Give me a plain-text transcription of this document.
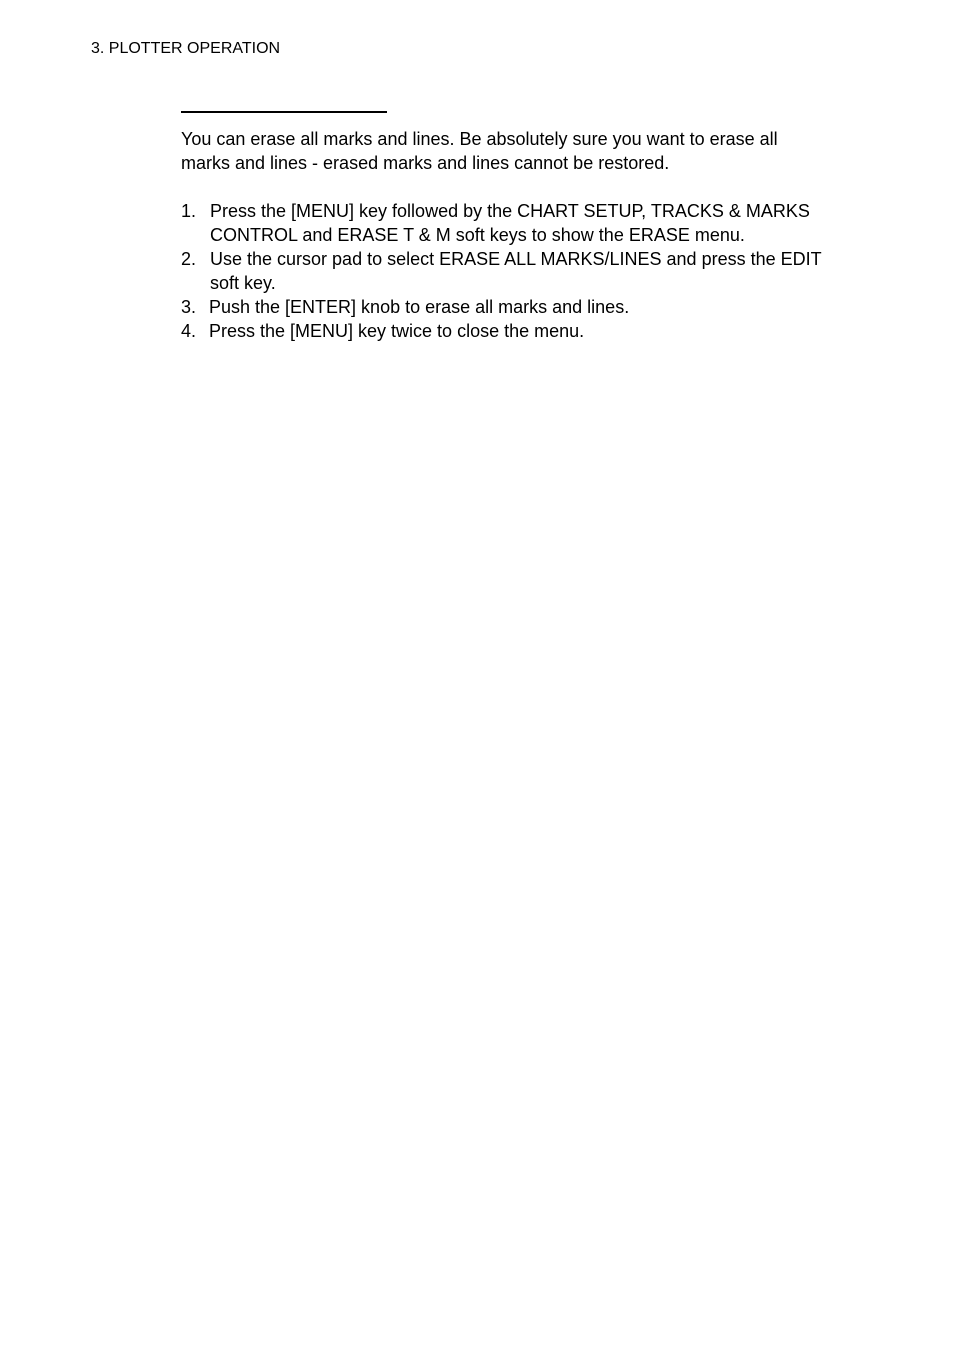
3. PLOTTER OPERATION

You can erase all marks and lines. Be absolutely sure you want to erase all

marks and lines - erased marks and lines cannot be restored.

1. Press the [MENU] key followed by the CHART SETUP, TRACKS & MARKS
CONTROL and ERASE T & M soft keys to show the ERASE menu.
2. Use the cursor pad to select ERASE ALL MARKS/LINES and press the EDIT
soft key.
3. Push the [ENTER] knob to erase all marks and lines.
4. Press the [MENU] key twice to close the menu.
